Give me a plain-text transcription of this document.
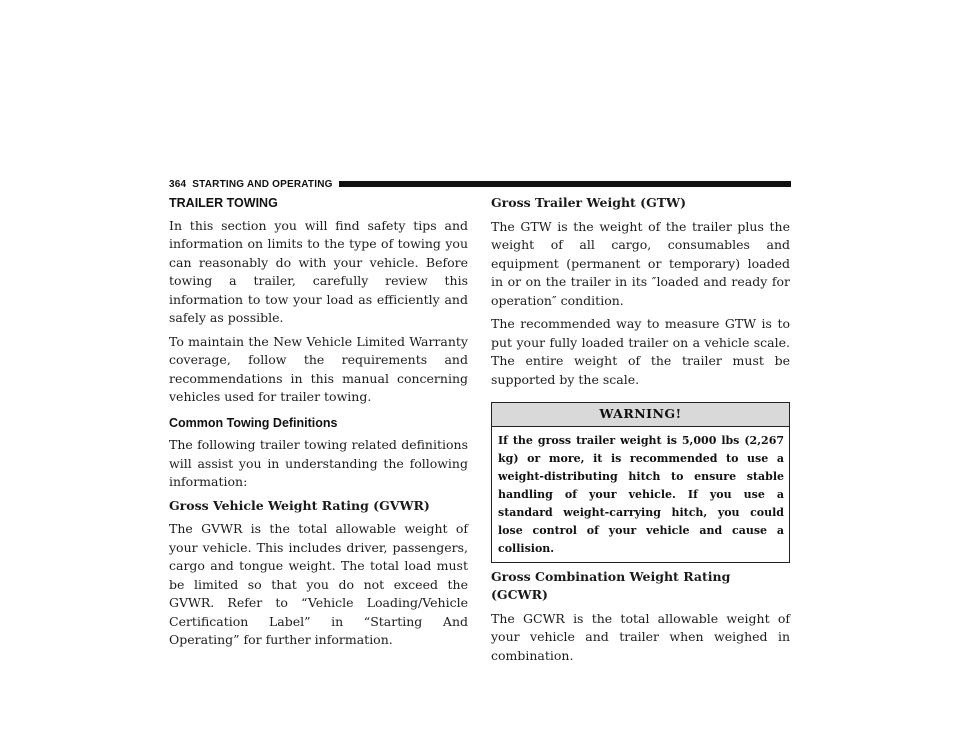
364 STARTING AND OPERATING
TRAILER TOWING

In this section you will find safety tips and information on limits to the type of towing you can reasonably do with your vehicle. Before towing a trailer, carefully review this information to tow your load as efficiently and safely as possible.

To maintain the New Vehicle Limited Warranty coverage, follow the requirements and recommendations in this manual concerning vehicles used for trailer towing.

Common Towing Definitions

The following trailer towing related definitions will assist you in understanding the following information:

Gross Vehicle Weight Rating (GVWR)

The GVWR is the total allowable weight of your vehicle. This includes driver, passengers, cargo and tongue weight. The total load must be limited so that you do not exceed the GVWR. Refer to “Vehicle Loading/Vehicle Certification Label” in “Starting And Operating” for further information.

Gross Trailer Weight (GTW)

The GTW is the weight of the trailer plus the weight of all cargo, consumables and equipment (permanent or temporary) loaded in or on the trailer in its ″loaded and ready for operation″ condition.

The recommended way to measure GTW is to put your fully loaded trailer on a vehicle scale. The entire weight of the trailer must be supported by the scale.

WARNING!
If the gross trailer weight is 5,000 lbs (2,267 kg) or more, it is recommended to use a weight-distributing hitch to ensure stable handling of your vehicle. If you use a standard weight-carrying hitch, you could lose control of your vehicle and cause a collision.
Gross Combination Weight Rating (GCWR)

The GCWR is the total allowable weight of your vehicle and trailer when weighed in combination.
